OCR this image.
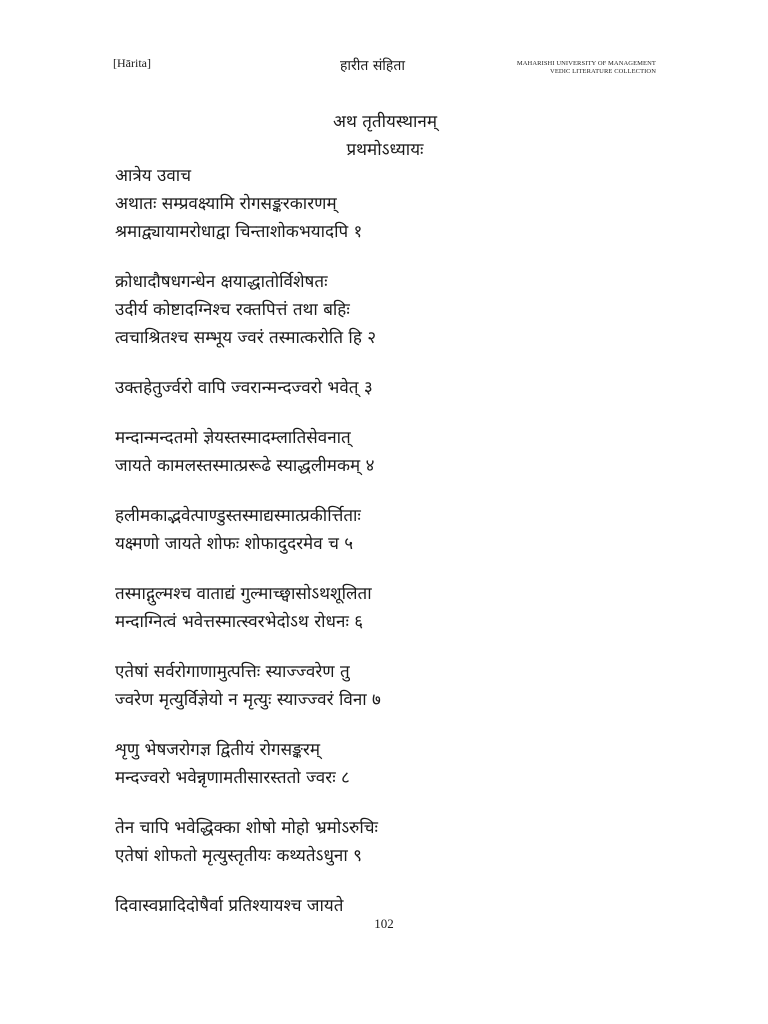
[Hārita]	हारीत संहिता	MAHARISHI UNIVERSITY OF MANAGEMENT
VEDIC LITERATURE COLLECTION
अथ तृतीयस्थानम्
प्रथमोऽध्यायः
आत्रेय उवाच
अथातः सम्प्रवक्ष्यामि रोगसङ्करकारणम्
श्रमाद्व्यायामरोधाद्वा चिन्ताशोकभयादपि १
क्रोधादौषधगन्धेन क्षयाद्धातोर्विशेषतः
उदीर्य कोष्टादग्निश्च रक्तपित्तं तथा बहिः
त्वचाश्रितश्च सम्भूय ज्वरं तस्मात्करोति हि २
उक्तहेतुर्ज्वरो वापि ज्वरान्मन्दज्वरो भवेत् ३
मन्दान्मन्दतमो ज्ञेयस्तस्मादम्लातिसेवनात्
जायते कामलस्तस्मात्प्ररूढे स्याद्धलीमकम् ४
हलीमकाद्भवेत्पाण्डुस्तस्माद्यस्मात्प्रकीर्त्तिताः
यक्ष्मणो जायते शोफः शोफादुदरमेव च ५
तस्माद्गुल्मश्च वाताद्यं गुल्माच्छ्वासोऽथशूलिता
मन्दाग्नित्वं भवेत्तस्मात्स्वरभेदोऽथ रोधनः ६
एतेषां सर्वरोगाणामुत्पत्तिः स्याज्ज्वरेण तु
ज्वरेण मृत्युर्विज्ञेयो न मृत्युः स्याज्ज्वरं विना ७
शृणु भेषजरोगज्ञ द्वितीयं रोगसङ्करम्
मन्दज्वरो भवेन्नृणामतीसारस्ततो ज्वरः ८
तेन चापि भवेद्धिक्का शोषो मोहो भ्रमोऽरुचिः
एतेषां शोफतो मृत्युस्तृतीयः कथ्यतेऽधुना ९
दिवास्वप्नादिदोषैर्वा प्रतिश्यायश्च जायते
102
